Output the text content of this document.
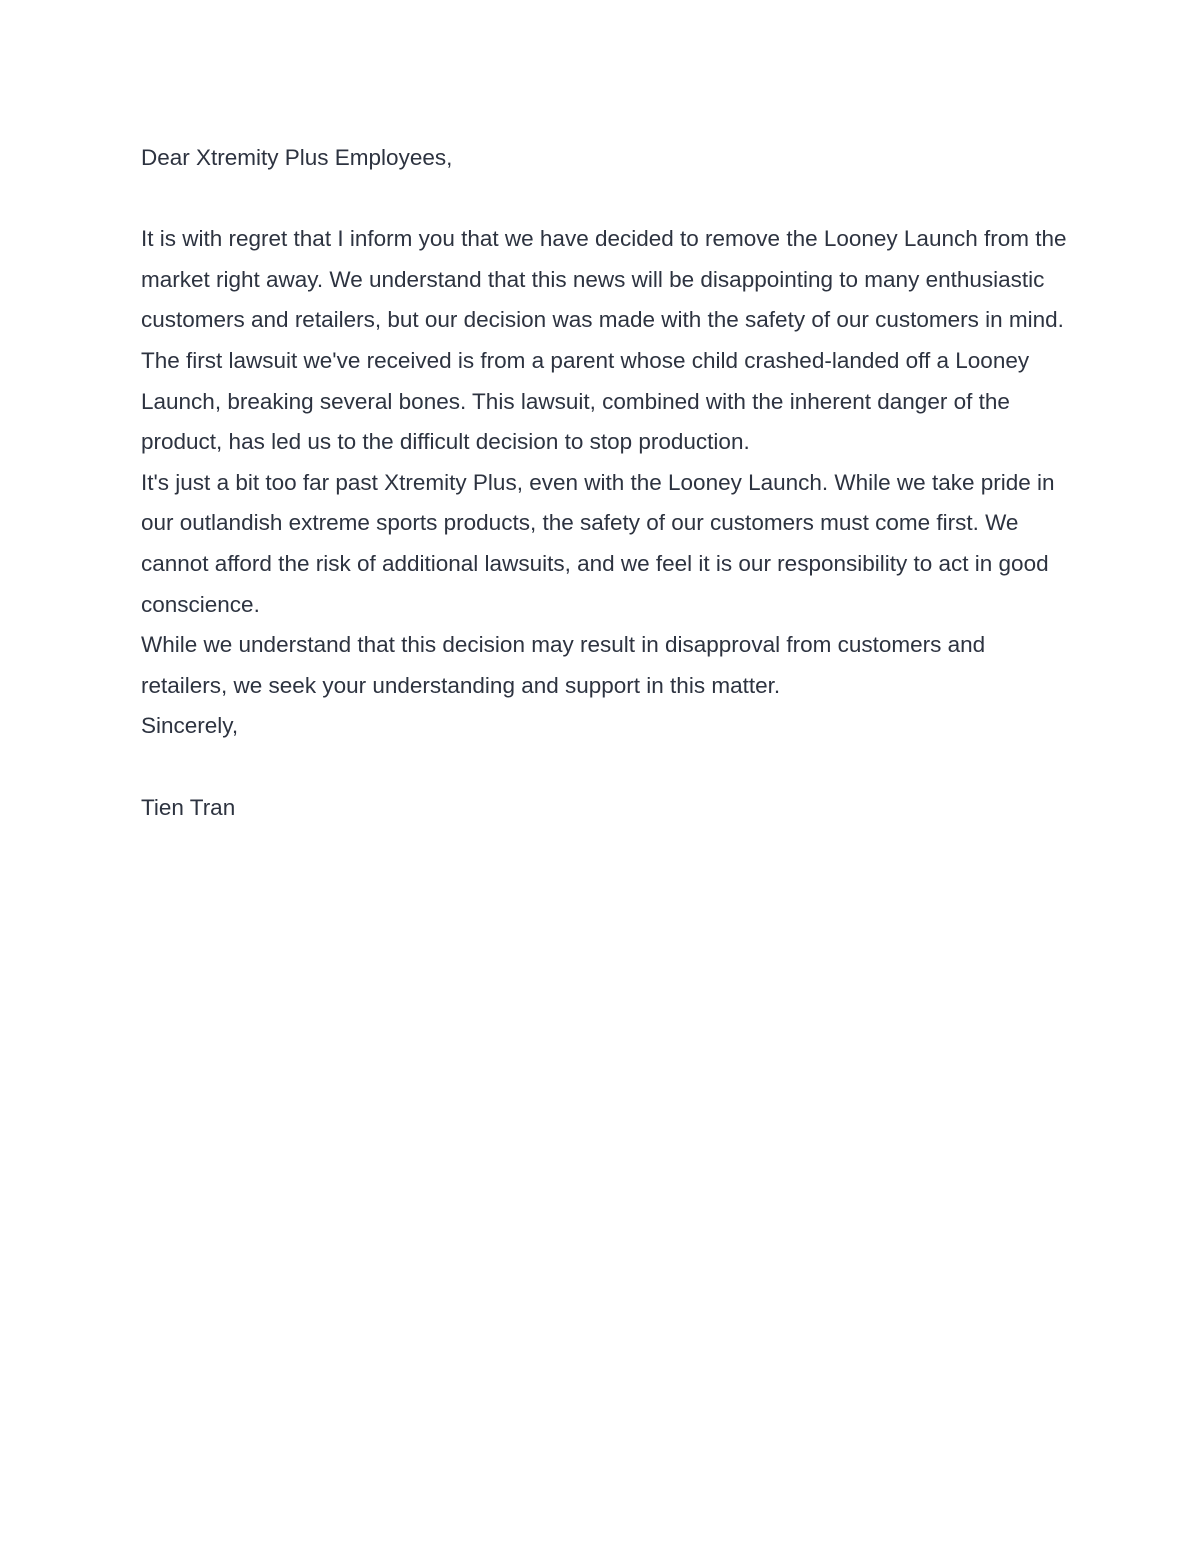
Dear Xtremity Plus Employees,

It is with regret that I inform you that we have decided to remove the Looney Launch from the market right away. We understand that this news will be disappointing to many enthusiastic customers and retailers, but our decision was made with the safety of our customers in mind.

The first lawsuit we've received is from a parent whose child crashed-landed off a Looney Launch, breaking several bones. This lawsuit, combined with the inherent danger of the product, has led us to the difficult decision to stop production.

It's just a bit too far past Xtremity Plus, even with the Looney Launch. While we take pride in our outlandish extreme sports products, the safety of our customers must come first. We cannot afford the risk of additional lawsuits, and we feel it is our responsibility to act in good conscience.

While we understand that this decision may result in disapproval from customers and retailers, we seek your understanding and support in this matter.

Sincerely,

Tien Tran
